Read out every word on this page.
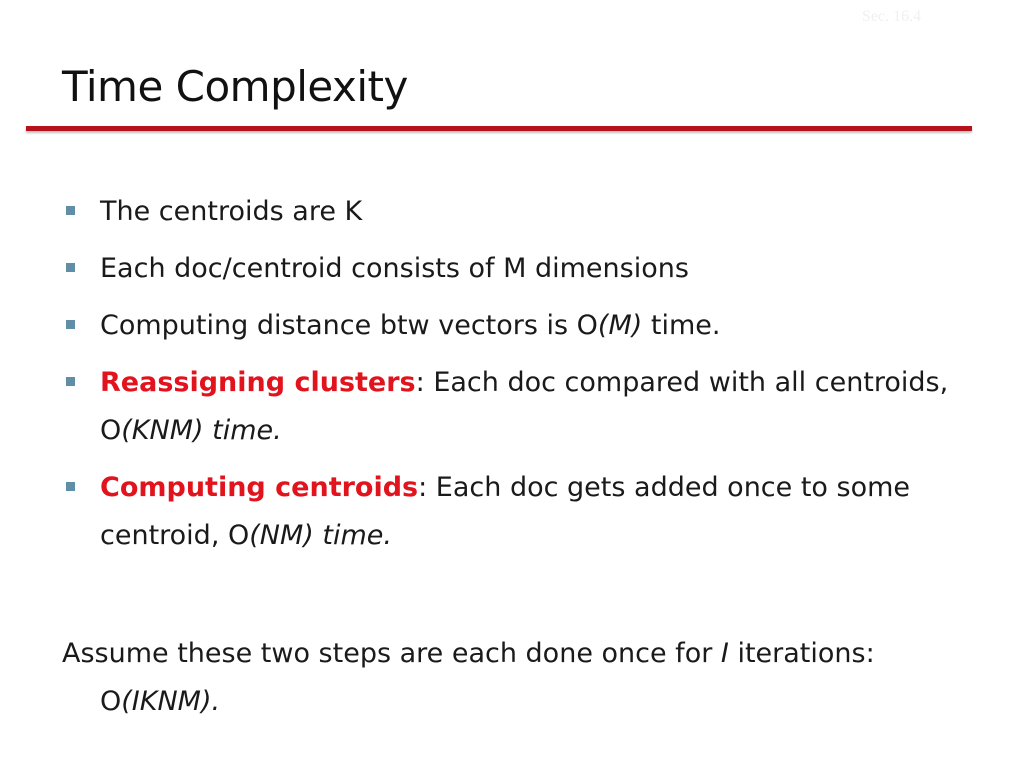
Sec. 16.4
Time Complexity
The centroids are K
Each doc/centroid consists of M dimensions
Computing distance btw vectors is O(M) time.
Reassigning clusters: Each doc compared with all centroids, O(KNM) time.
Computing centroids: Each doc gets added once to some centroid, O(NM) time.
Assume these two steps are each done once for I iterations: O(IKNM).
